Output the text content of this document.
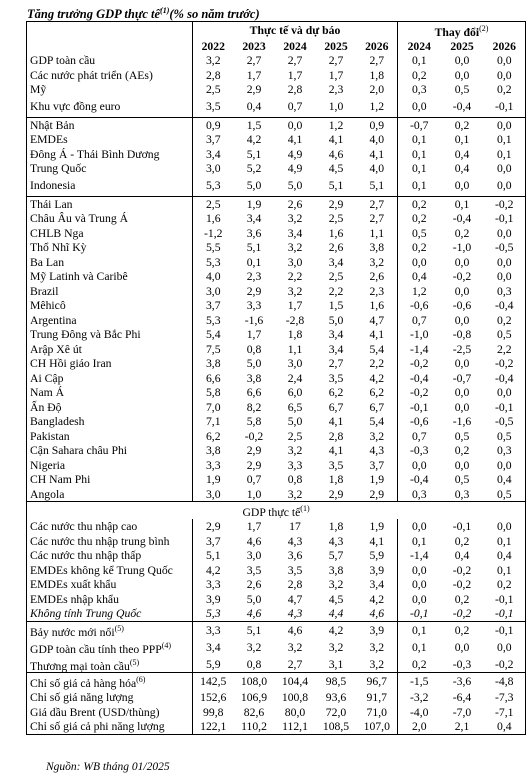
Tăng trưởng GDP thực tế$^{(1)}$(% so năm trước)
	Thực tế và dự báo					Thay đổi$^{(2)}$
	2022	2023	2024	2025	2026	2024	2025	2026
GDP toàn cầu	3,2	2,7	2,7	2,7	2,7	0,1	0,0	0,0
Các nước phát triển (AEs)	2,8	1,7	1,7	1,7	1,8	0,2	0,0	0,0
Mỹ	2,5	2,9	2,8	2,3	2,0	0,3	0,5	0,2
Khu vực đồng euro	3,5	0,4	0,7	1,0	1,2	0,0	-0,4	-0,1
Nhật Bản	0,9	1,5	0,0	1,2	0,9	-0,7	0,2	0,0
EMDEs	3,7	4,2	4,1	4,1	4,0	0,1	0,1	0,1
Đông Á - Thái Bình Dương	3,4	5,1	4,9	4,6	4,1	0,1	0,4	0,1
Trung Quốc	3,0	5,2	4,9	4,5	4,0	0,1	0,4	0,0
Indonesia	5,3	5,0	5,0	5,1	5,1	0,1	0,0	0,0
Thái Lan	2,5	1,9	2,6	2,9	2,7	0,2	0,1	-0,2
Châu Âu và Trung Á	1,6	3,4	3,2	2,5	2,7	0,2	-0,4	-0,1
CHLB Nga	-1,2	3,6	3,4	1,6	1,1	0,5	0,2	0,0
Thổ Nhĩ Kỳ	5,5	5,1	3,2	2,6	3,8	0,2	-1,0	-0,5
Ba Lan	5,3	0,1	3,0	3,4	3,2	0,0	0,0	0,0
Mỹ Latinh và Caribê	4,0	2,3	2,2	2,5	2,6	0,4	-0,2	0,0
Brazil	3,0	2,9	3,2	2,2	2,3	1,2	0,0	0,3
Mêhicô	3,7	3,3	1,7	1,5	1,6	-0,6	-0,6	-0,4
Argentina	5,3	-1,6	-2,8	5,0	4,7	0,7	0,0	0,2
Trung Đông và Bắc Phi	5,4	1,7	1,8	3,4	4,1	-1,0	-0,8	0,5
Arập Xê út	7,5	0,8	1,1	3,4	5,4	-1,4	-2,5	2,2
CH Hồi giáo Iran	3,8	5,0	3,0	2,7	2,2	-0,2	0,0	-0,2
Ai Cập	6,6	3,8	2,4	3,5	4,2	-0,4	-0,7	-0,4
Nam Á	5,8	6,6	6,0	6,2	6,2	-0,2	0,0	0,0
Ấn Độ	7,0	8,2	6,5	6,7	6,7	-0,1	0,0	-0,1
Bangladesh	7,1	5,8	5,0	4,1	5,4	-0,6	-1,6	-0,5
Pakistan	6,2	-0,2	2,5	2,8	3,2	0,7	0,5	0,5
Cận Sahara châu Phi	3,8	2,9	3,2	4,1	4,3	-0,3	0,2	0,3
Nigeria	3,3	2,9	3,3	3,5	3,7	0,0	0,0	0,0
CH Nam Phi	1,9	0,7	0,8	1,8	1,9	-0,4	0,5	0,4
Angola	3,0	1,0	3,2	2,9	2,9	0,3	0,3	0,5
GDP thực tế$^{(1)}$
Các nước thu nhập cao	2,9	1,7	17	1,8	1,9	0,0	-0,1	0,0
Các nước thu nhập trung bình	3,7	4,6	4,3	4,3	4,1	0,1	0,2	0,1
Các nước thu nhập thấp	5,1	3,0	3,6	5,7	5,9	-1,4	0,4	0,4
EMDEs không kể Trung Quốc	4,2	3,5	3,5	3,8	3,9	0,0	-0,2	0,1
EMDEs xuất khẩu	3,3	2,6	2,8	3,2	3,4	0,0	-0,2	0,2
EMDEs nhập khẩu	3,9	5,0	4,7	4,5	4,2	0,0	0,2	-0,1
Không tính Trung Quốc	5,3	4,6	4,3	4,4	4,6	-0,1	-0,2	-0,1
Bảy nước mới nổi$^{(5)}$	3,3	5,1	4,6	4,2	3,9	0,1	0,2	-0,1
GDP toàn cầu tính theo PPP$^{(4)}$	3,4	3,2	3,2	3,2	3,2	0,1	0,0	0,0
Thương mại toàn cầu$^{(5)}$	5,9	0,8	2,7	3,1	3,2	0,2	-0,3	-0,2
Chỉ số giá cả hàng hóa$^{(6)}$	142,5	108,0	104,4	98,5	96,7	-1,5	-3,6	-4,8
Chỉ số giá năng lượng	152,6	106,9	100,8	93,6	91,7	-3,2	-6,4	-7,3
Giá dầu Brent (USD/thùng)	99,8	82,6	80,0	72,0	71,0	-4,0	-7,0	-7,1
Chỉ số giá cả phi năng lượng	122,1	110,2	112,1	108,5	107,0	2,0	2,1	0,4
Nguồn: WB tháng 01/2025
